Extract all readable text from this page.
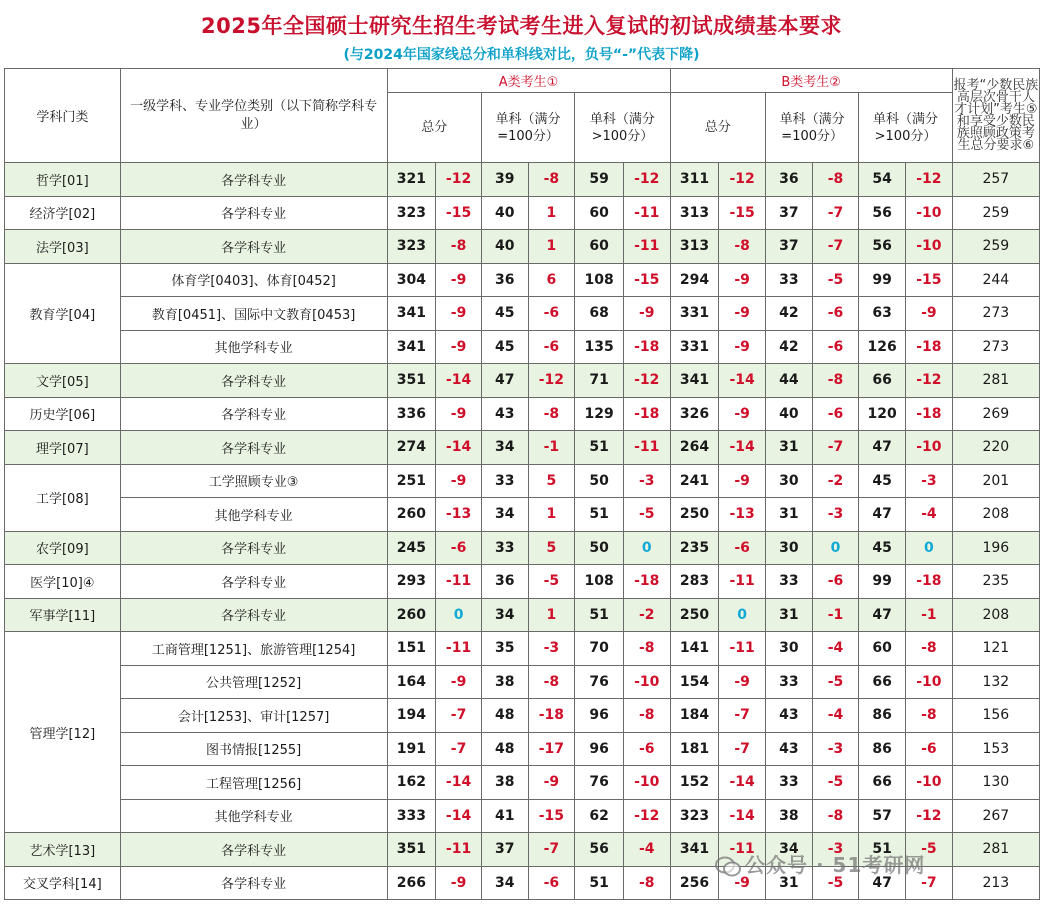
2025年全国硕士研究生招生考试考生进入复试的初试成绩基本要求

(与2024年国家线总分和单科线对比，负号“-”代表下降)

学科门类	一级学科、专业学位类别（以下简称学科专业）	A类考生①						B类考生②						报考“少数民族高层次骨干人才计划”考生⑤和享受少数民族照顾政策考生总分要求⑥
		总分		单科（满分=100分）		单科（满分>100分）		总分		单科（满分=100分）		单科（满分>100分）		
哲学[01]	各学科专业	321	-12	39	-8	59	-12	311	-12	36	-8	54	-12	257
经济学[02]	各学科专业	323	-15	40	1	60	-11	313	-15	37	-7	56	-10	259
法学[03]	各学科专业	323	-8	40	1	60	-11	313	-8	37	-7	56	-10	259
教育学[04]	体育学[0403]、体育[0452]	304	-9	36	6	108	-15	294	-9	33	-5	99	-15	244
	教育[0451]、国际中文教育[0453]	341	-9	45	-6	68	-9	331	-9	42	-6	63	-9	273
	其他学科专业	341	-9	45	-6	135	-18	331	-9	42	-6	126	-18	273
文学[05]	各学科专业	351	-14	47	-12	71	-12	341	-14	44	-8	66	-12	281
历史学[06]	各学科专业	336	-9	43	-8	129	-18	326	-9	40	-6	120	-18	269
理学[07]	各学科专业	274	-14	34	-1	51	-11	264	-14	31	-7	47	-10	220
工学[08]	工学照顾专业③	251	-9	33	5	50	-3	241	-9	30	-2	45	-3	201
	其他学科专业	260	-13	34	1	51	-5	250	-13	31	-3	47	-4	208
农学[09]	各学科专业	245	-6	33	5	50	0	235	-6	30	0	45	0	196
医学[10]④	各学科专业	293	-11	36	-5	108	-18	283	-11	33	-6	99	-18	235
军事学[11]	各学科专业	260	0	34	1	51	-2	250	0	31	-1	47	-1	208
管理学[12]	工商管理[1251]、旅游管理[1254]	151	-11	35	-3	70	-8	141	-11	30	-4	60	-8	121
	公共管理[1252]	164	-9	38	-8	76	-10	154	-9	33	-5	66	-10	132
	会计[1253]、审计[1257]	194	-7	48	-18	96	-8	184	-7	43	-4	86	-8	156
	图书情报[1255]	191	-7	48	-17	96	-6	181	-7	43	-3	86	-6	153
	工程管理[1256]	162	-14	38	-9	76	-10	152	-14	33	-5	66	-10	130
	其他学科专业	333	-14	41	-15	62	-12	323	-14	38	-8	57	-12	267
艺术学[13]	各学科专业	351	-11	37	-7	56	-4	341	-11	34	-3	51	-5	281
交叉学科[14]	各学科专业	266	-9	34	-6	51	-8	256	-9	31	-5	47	-7	213
公众号 · 51考研网
